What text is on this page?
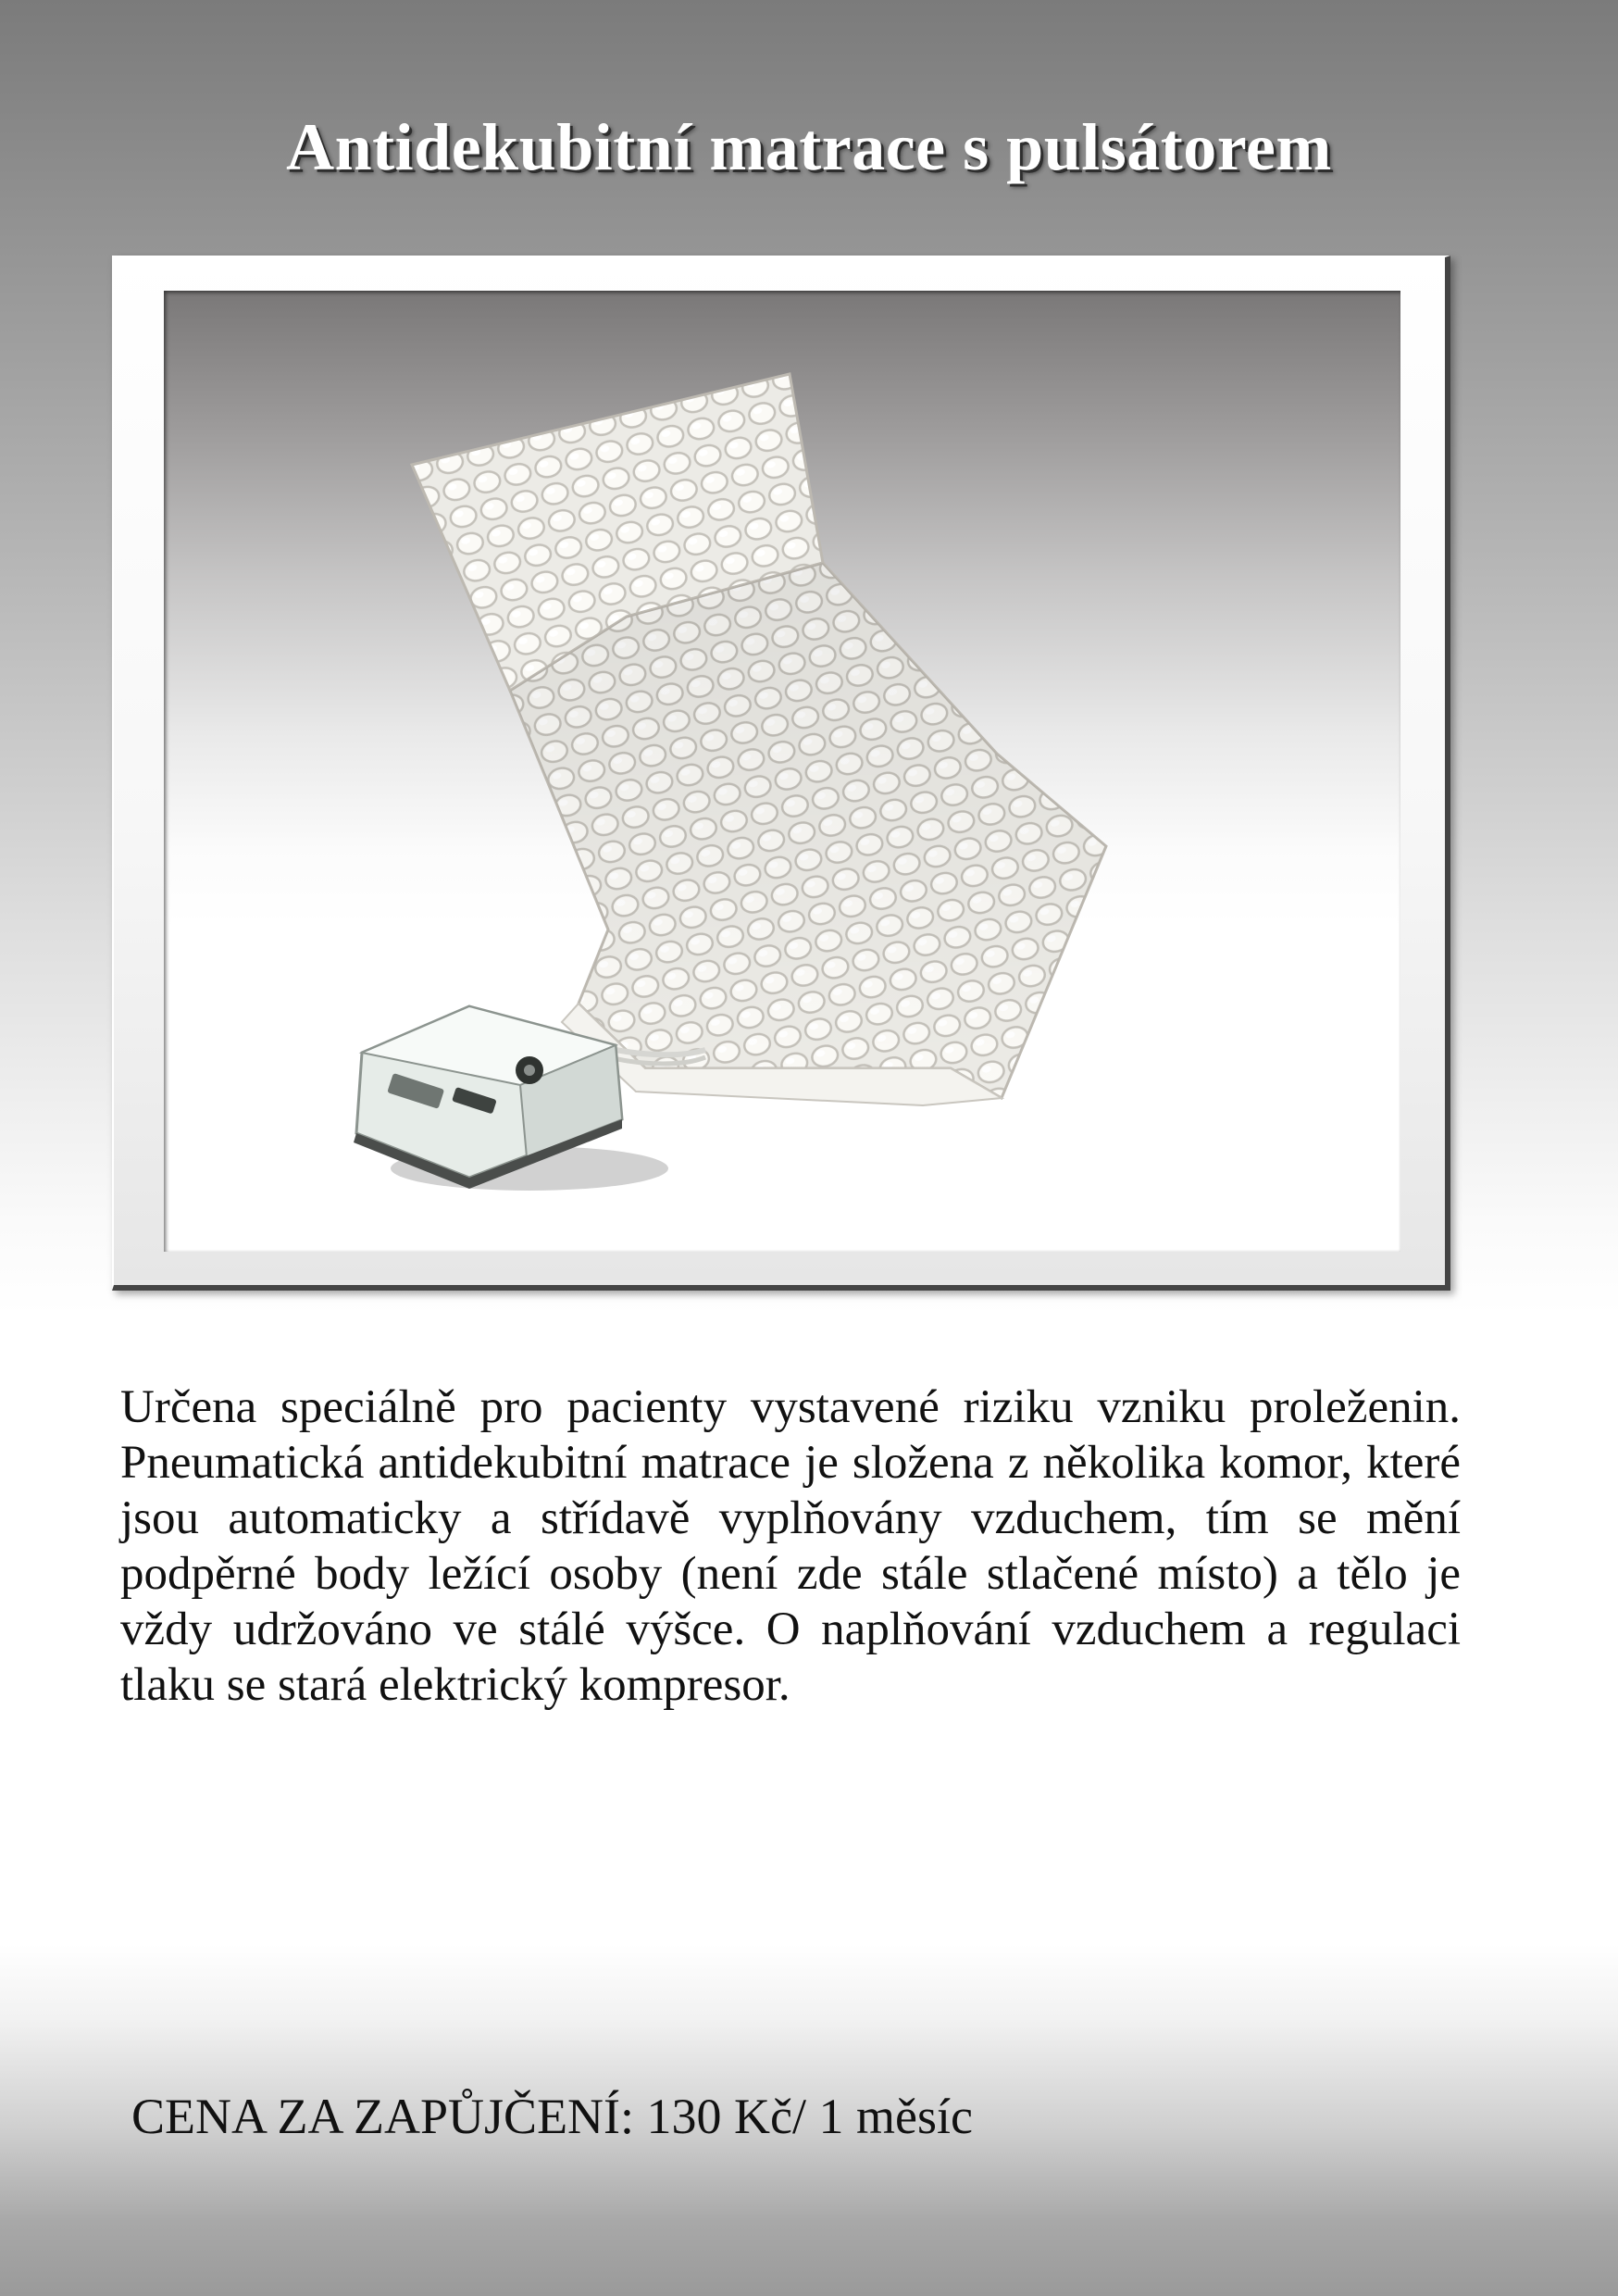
Antidekubitní matrace s pulsátorem

Určena speciálně pro pacienty vystavené riziku vzniku proleženin. Pneumatická antidekubitní matrace je složena z několika komor, které jsou automaticky a střídavě vyplňovány vzduchem, tím se mění podpěrné body ležící osoby (není zde stále stlačené místo) a tělo je vždy udržováno ve stálé výšce. O naplňování vzduchem a regulaci tlaku se stará elektrický kompresor.

CENA ZA ZAPŮJČENÍ: 130 Kč/ 1 měsíc
